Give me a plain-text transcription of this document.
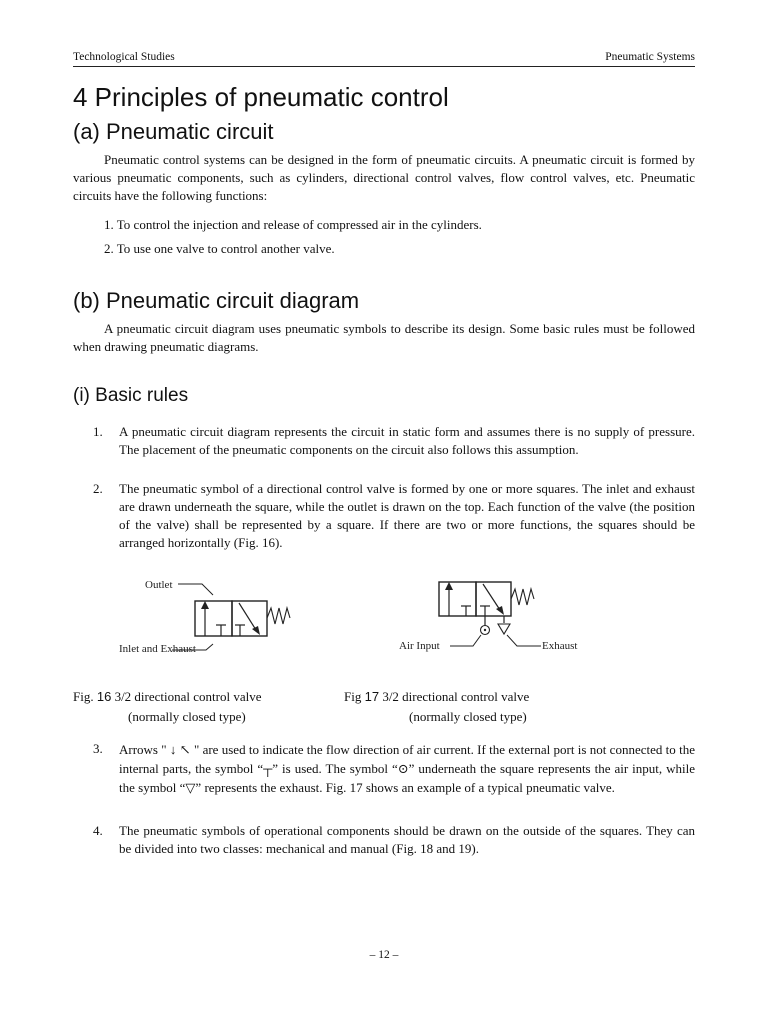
Technological Studies	Pneumatic Systems
4 Principles of pneumatic control
(a) Pneumatic circuit

Pneumatic control systems can be designed in the form of pneumatic circuits. A pneumatic circuit is formed by various pneumatic components, such as cylinders, directional control valves, flow control valves, etc. Pneumatic circuits have the following functions:

1. To control the injection and release of compressed air in the cylinders.

2. To use one valve to control another valve.

(b) Pneumatic circuit diagram

A pneumatic circuit diagram uses pneumatic symbols to describe its design. Some basic rules must be followed when drawing pneumatic diagrams.

(i) Basic rules
1. A pneumatic circuit diagram represents the circuit in static form and assumes there is no supply of pressure. The placement of the pneumatic components on the circuit also follows this assumption.
2. The pneumatic symbol of a directional control valve is formed by one or more squares. The inlet and exhaust are drawn underneath the square, while the outlet is drawn on the top. Each function of the valve (the position of the valve) shall be represented by a square. If there are two or more functions, the squares should be arranged horizontally (Fig. 16).
Outlet
Inlet and Exhaust	Air Input	Exhaust
Fig. 16 3/2 directional control valve
(normally closed type)
Fig 17 3/2 directional control valve
(normally closed type)
3. Arrows " ↓ ↖ " are used to indicate the flow direction of air current. If the external port is not connected to the internal parts, the symbol “┬” is used. The symbol “⊙” underneath the square represents the air input, while the symbol “▽” represents the exhaust. Fig. 17 shows an example of a typical pneumatic valve.
4. The pneumatic symbols of operational components should be drawn on the outside of the squares. They can be divided into two classes: mechanical and manual (Fig. 18 and 19).
– 12 –
